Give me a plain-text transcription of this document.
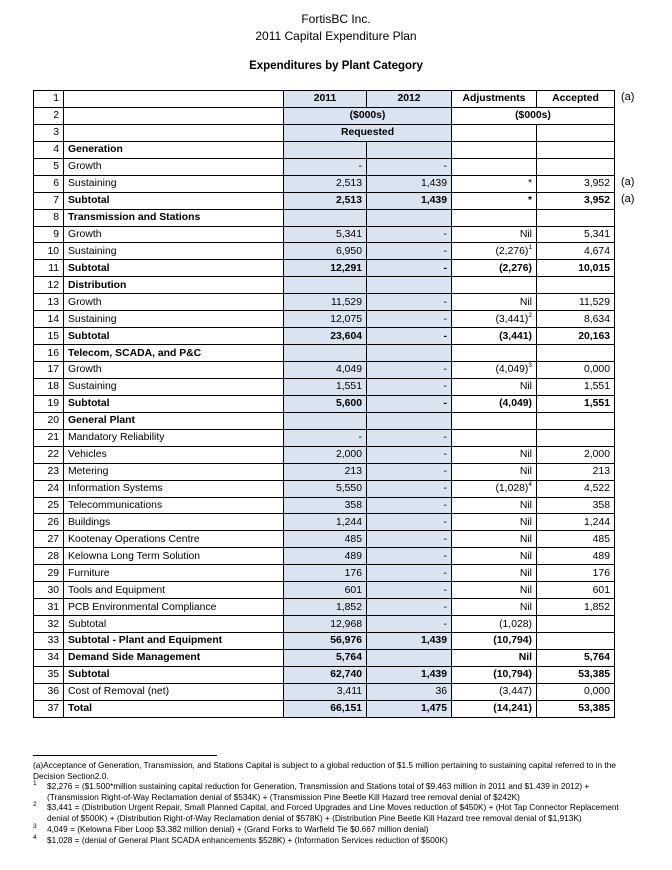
FortisBC Inc.
2011 Capital Expenditure Plan
Expenditures by Plant Category
1		2011	2012	Adjustments	Accepted
2		($000s)		($000s)	
3		Requested			
4	Generation				
5	Growth	-	-		
6	Sustaining	2,513	1,439	*	3,952
7	Subtotal	2,513	1,439	*	3,952
8	Transmission and Stations				
9	Growth	5,341	-	Nil	5,341
10	Sustaining	6,950	-	$(2,276)^1$	4,674
11	Subtotal	12,291	-	(2,276)	10,015
12	Distribution				
13	Growth	11,529	-	Nil	11,529
14	Sustaining	12,075	-	$(3,441)^2$	8,634
15	Subtotal	23,604	-	(3,441)	20,163
16	Telecom, SCADA, and P&C				
17	Growth	4,049	-	$(4,049)^3$	0,000
18	Sustaining	1,551	-	Nil	1,551
19	Subtotal	5,600	-	(4,049)	1,551
20	General Plant				
21	Mandatory Reliability	-	-		
22	Vehicles	2,000	-	Nil	2,000
23	Metering	213	-	Nil	213
24	Information Systems	5,550	-	$(1,028)^4$	4,522
25	Telecommunications	358	-	Nil	358
26	Buildings	1,244	-	Nil	1,244
27	Kootenay Operations Centre	485	-	Nil	485
28	Kelowna Long Term Solution	489	-	Nil	489
29	Furniture	176	-	Nil	176
30	Tools and Equipment	601	-	Nil	601
31	PCB Environmental Compliance	1,852	-	Nil	1,852
32	Subtotal	12,968	-	(1,028)	
33	Subtotal - Plant and Equipment	56,976	1,439	(10,794)	
34	Demand Side Management	5,764		Nil	5,764
35	Subtotal	62,740	1,439	(10,794)	53,385
36	Cost of Removal (net)	3,411	36	(3,447)	0,000
37	Total	66,151	1,475	(14,241)	53,385
(a)
(a)
(a)
(a)Acceptance of Generation, Transmission, and Stations Capital is subject to a global reduction of $1.5 million pertaining to sustaining capital referred to in the Decision Section2.0.
1 $2,276 = ($1.500*million sustaining capital reduction for Generation, Transmission and Stations total of $9.463 million in 2011 and $1.439 in 2012) + (Transmission Right-of-Way Reclamation denial of $534K) + (Transmission Pine Beetle Kill Hazard tree removal denial of $242K)
2 $3,441 = (Distribution Urgent Repair, Small Planned Capital, and Forced Upgrades and Line Moves reduction of $450K) + (Hot Tap Connector Replacement denial of $500K) + (Distribution Right-of-Way Reclamation denial of $578K) + (Distribution Pine Beetle Kill Hazard tree removal denial of $1,913K)
3 4,049 = (Kelowna Fiber Loop $3.382 million denial) + (Grand Forks to Warfield Tie $0.667 million denial)
4 $1,028 = (denial of General Plant SCADA enhancements $528K) + (Information Services reduction of $500K)
